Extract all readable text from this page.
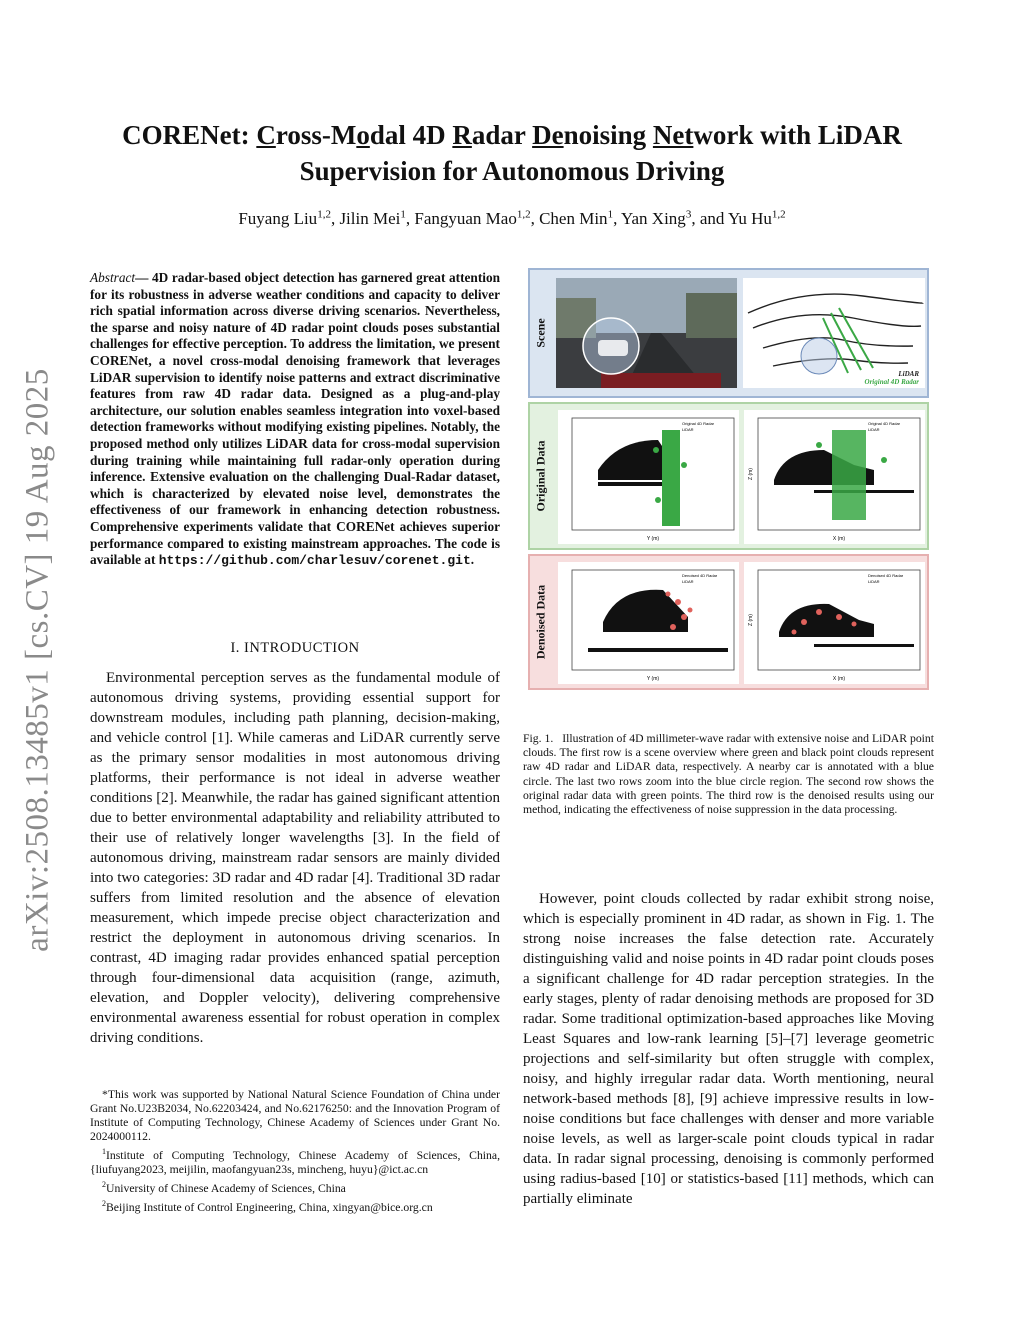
arXiv:2508.13485v1 [cs.CV] 19 Aug 2025
CORENet: Cross-Modal 4D Radar Denoising Network with LiDAR
Supervision for Autonomous Driving
Fuyang Liu$^{1,2}$, Jilin Mei$^1$, Fangyuan Mao$^{1,2}$, Chen Min$^1$, Yan Xing$^3$, and Yu Hu$^{1,2}$
Abstract— 4D radar-based object detection has garnered great attention for its robustness in adverse weather conditions and capacity to deliver rich spatial information across diverse driving scenarios. Nevertheless, the sparse and noisy nature of 4D radar point clouds poses substantial challenges for effective perception. To address the limitation, we present CORENet, a novel cross-modal denoising framework that leverages LiDAR supervision to identify noise patterns and extract discriminative features from raw 4D radar data. Designed as a plug-and-play architecture, our solution enables seamless integration into voxel-based detection frameworks without modifying existing pipelines. Notably, the proposed method only utilizes LiDAR data for cross-modal supervision during training while maintaining full radar-only operation during inference. Extensive evaluation on the challenging Dual-Radar dataset, which is characterized by elevated noise level, demonstrates the effectiveness of our framework in enhancing detection robustness. Comprehensive experiments validate that CORENet achieves superior performance compared to existing mainstream approaches. The code is available at https://github.com/charlesuv/corenet.git.
I. INTRODUCTION

Environmental perception serves as the fundamental module of autonomous driving systems, providing essential support for downstream modules, including path planning, decision-making, and vehicle control [1]. While cameras and LiDAR currently serve as the primary sensor modalities in most autonomous driving platforms, their performance is not ideal in adverse weather conditions [2]. Meanwhile, the radar has gained significant attention due to better environmental adaptability and reliability attributed to their use of relatively longer wavelengths [3]. In the field of autonomous driving, mainstream radar sensors are mainly divided into two categories: 3D radar and 4D radar [4]. Traditional 3D radar suffers from limited resolution and the absence of elevation measurement, which impede precise object characterization and restrict the deployment in autonomous driving scenarios. In contrast, 4D imaging radar provides enhanced spatial perception through four-dimensional data acquisition (range, azimuth, elevation, and Doppler velocity), delivering comprehensive environmental awareness essential for robust operation in complex driving conditions.

*This work was supported by National Natural Science Foundation of China under Grant No.U23B2034, No.62203424, and No.62176250: and the Innovation Program of Institute of Computing Technology, Chinese Academy of Sciences under Grant No. 2024000112.

$^1$Institute of Computing Technology, Chinese Academy of Sciences, China, {liufuyang2023, meijilin, maofangyuan23s, mincheng, huyu}@ict.ac.cn

$^2$University of Chinese Academy of Sciences, China

$^2$Beijing Institute of Control Engineering, China, xingyan@bice.org.cn

Scene
LiDAR
Original 4D Radar
Original Data
Y (m)
Original 4D Radar
LiDAR
X (m)
Z (m)
Original 4D Radar
LiDAR
Denoised Data
Y (m)
Denoised 4D Radar
LiDAR
X (m)
Z (m)
Denoised 4D Radar
LiDAR
Fig. 1. Illustration of 4D millimeter-wave radar with extensive noise and LiDAR point clouds. The first row is a scene overview where green and black point clouds represent raw 4D radar and LiDAR data, respectively. A nearby car is annotated with a blue circle. The last two rows zoom into the blue circle region. The second row shows the original radar data with green points. The third row is the denoised results using our method, indicating the effectiveness of noise suppression in the data processing.

However, point clouds collected by radar exhibit strong noise, which is especially prominent in 4D radar, as shown in Fig. 1. The strong noise increases the false detection rate. Accurately distinguishing valid and noise points in 4D radar point clouds poses a significant challenge for 4D radar perception strategies. In the early stages, plenty of radar denoising methods are proposed for 3D radar. Some traditional optimization-based approaches like Moving Least Squares and low-rank learning [5]–[7] leverage geometric projections and self-similarity but often struggle with complex, noisy, and highly irregular radar data. Worth mentioning, neural network-based methods [8], [9] achieve impressive results in low-noise conditions but face challenges with denser and more variable noise levels, as well as larger-scale point clouds typical in radar data. In radar signal processing, denoising is commonly performed using radius-based [10] or statistics-based [11] methods, which can partially eliminate
